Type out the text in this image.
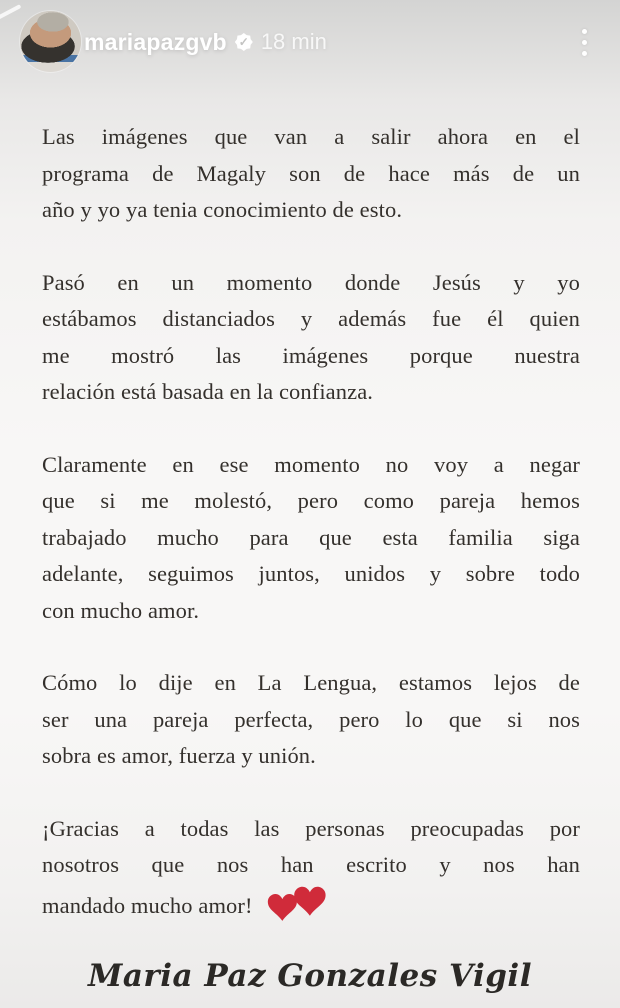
mariapazgvb ✓ 18 min

Las imágenes que van a salir ahora en el
programa de Magaly son de hace más de un
año y yo ya tenia conocimiento de esto.

Pasó en un momento donde Jesús y yo
estábamos distanciados y además fue él quien
me mostró las imágenes porque nuestra
relación está basada en la confianza.

Claramente en ese momento no voy a negar
que si me molestó, pero como pareja hemos
trabajado mucho para que esta familia siga
adelante, seguimos juntos, unidos y sobre todo
con mucho amor.

Cómo lo dije en La Lengua, estamos lejos de
ser una pareja perfecta, pero lo que si nos
sobra es amor, fuerza y unión.

¡Gracias a todas las personas preocupadas por
nosotros que nos han escrito y nos han
mandado mucho amor!

Maria Paz Gonzales Vigil
